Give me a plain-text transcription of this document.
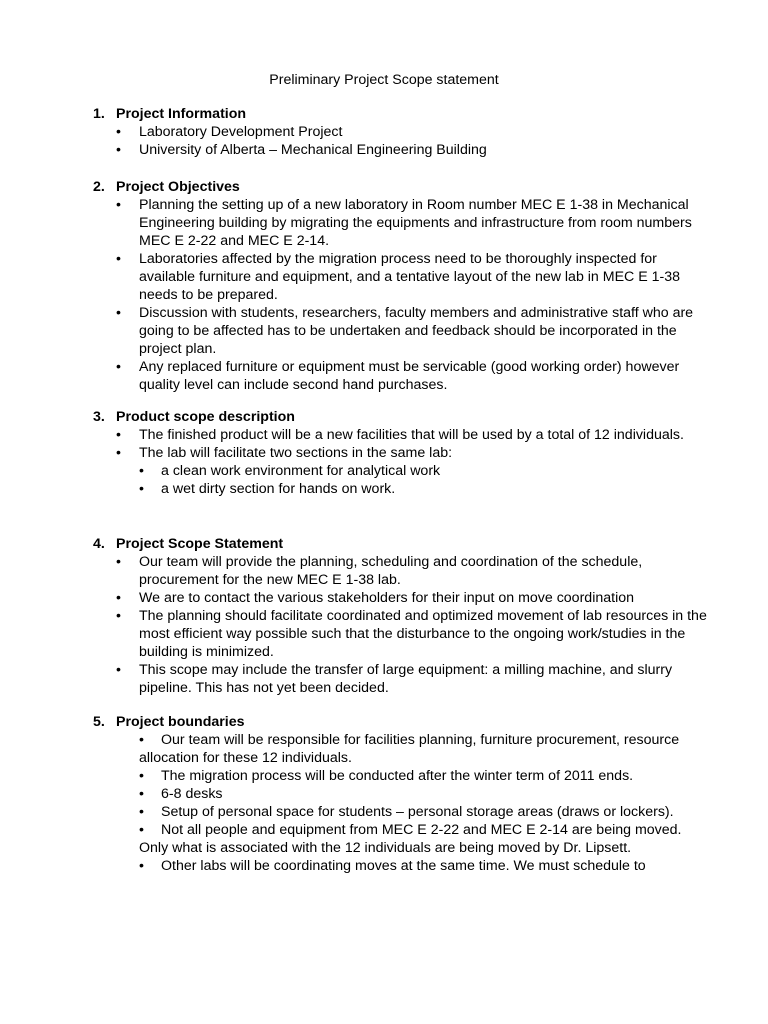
Preliminary Project Scope statement
1. Project Information
• Laboratory Development Project
• University of Alberta – Mechanical Engineering Building
2. Project Objectives
• Planning the setting up of a new laboratory in Room number MEC E 1-38 in Mechanical Engineering building by migrating the equipments and infrastructure from room numbers MEC E 2-22 and MEC E 2-14.
• Laboratories affected by the migration process need to be thoroughly inspected for available furniture and equipment, and a tentative layout of the new lab in MEC E 1-38 needs to be prepared.
• Discussion with students, researchers, faculty members and administrative staff who are going to be affected has to be undertaken and feedback should be incorporated in the project plan.
• Any replaced furniture or equipment must be servicable (good working order) however quality level can include second hand purchases.
3. Product scope description
• The finished product will be a new facilities that will be used by a total of 12 individuals.
• The lab will facilitate two sections in the same lab:
• a clean work environment for analytical work
• a wet dirty section for hands on work.
4. Project Scope Statement
• Our team will provide the planning, scheduling and coordination of the schedule, procurement for the new MEC E 1-38 lab.
• We are to contact the various stakeholders for their input on move coordination
• The planning should facilitate coordinated and optimized movement of lab resources in the most efficient way possible such that the disturbance to the ongoing work/studies in the building is minimized.
• This scope may include the transfer of large equipment: a milling machine, and slurry pipeline. This has not yet been decided.
5. Project boundaries
• Our team will be responsible for facilities planning, furniture procurement, resource allocation for these 12 individuals.
• The migration process will be conducted after the winter term of 2011 ends.
• 6-8 desks
• Setup of personal space for students – personal storage areas (draws or lockers).
• Not all people and equipment from MEC E 2-22 and MEC E 2-14 are being moved. Only what is associated with the 12 individuals are being moved by Dr. Lipsett.
• Other labs will be coordinating moves at the same time. We must schedule to
